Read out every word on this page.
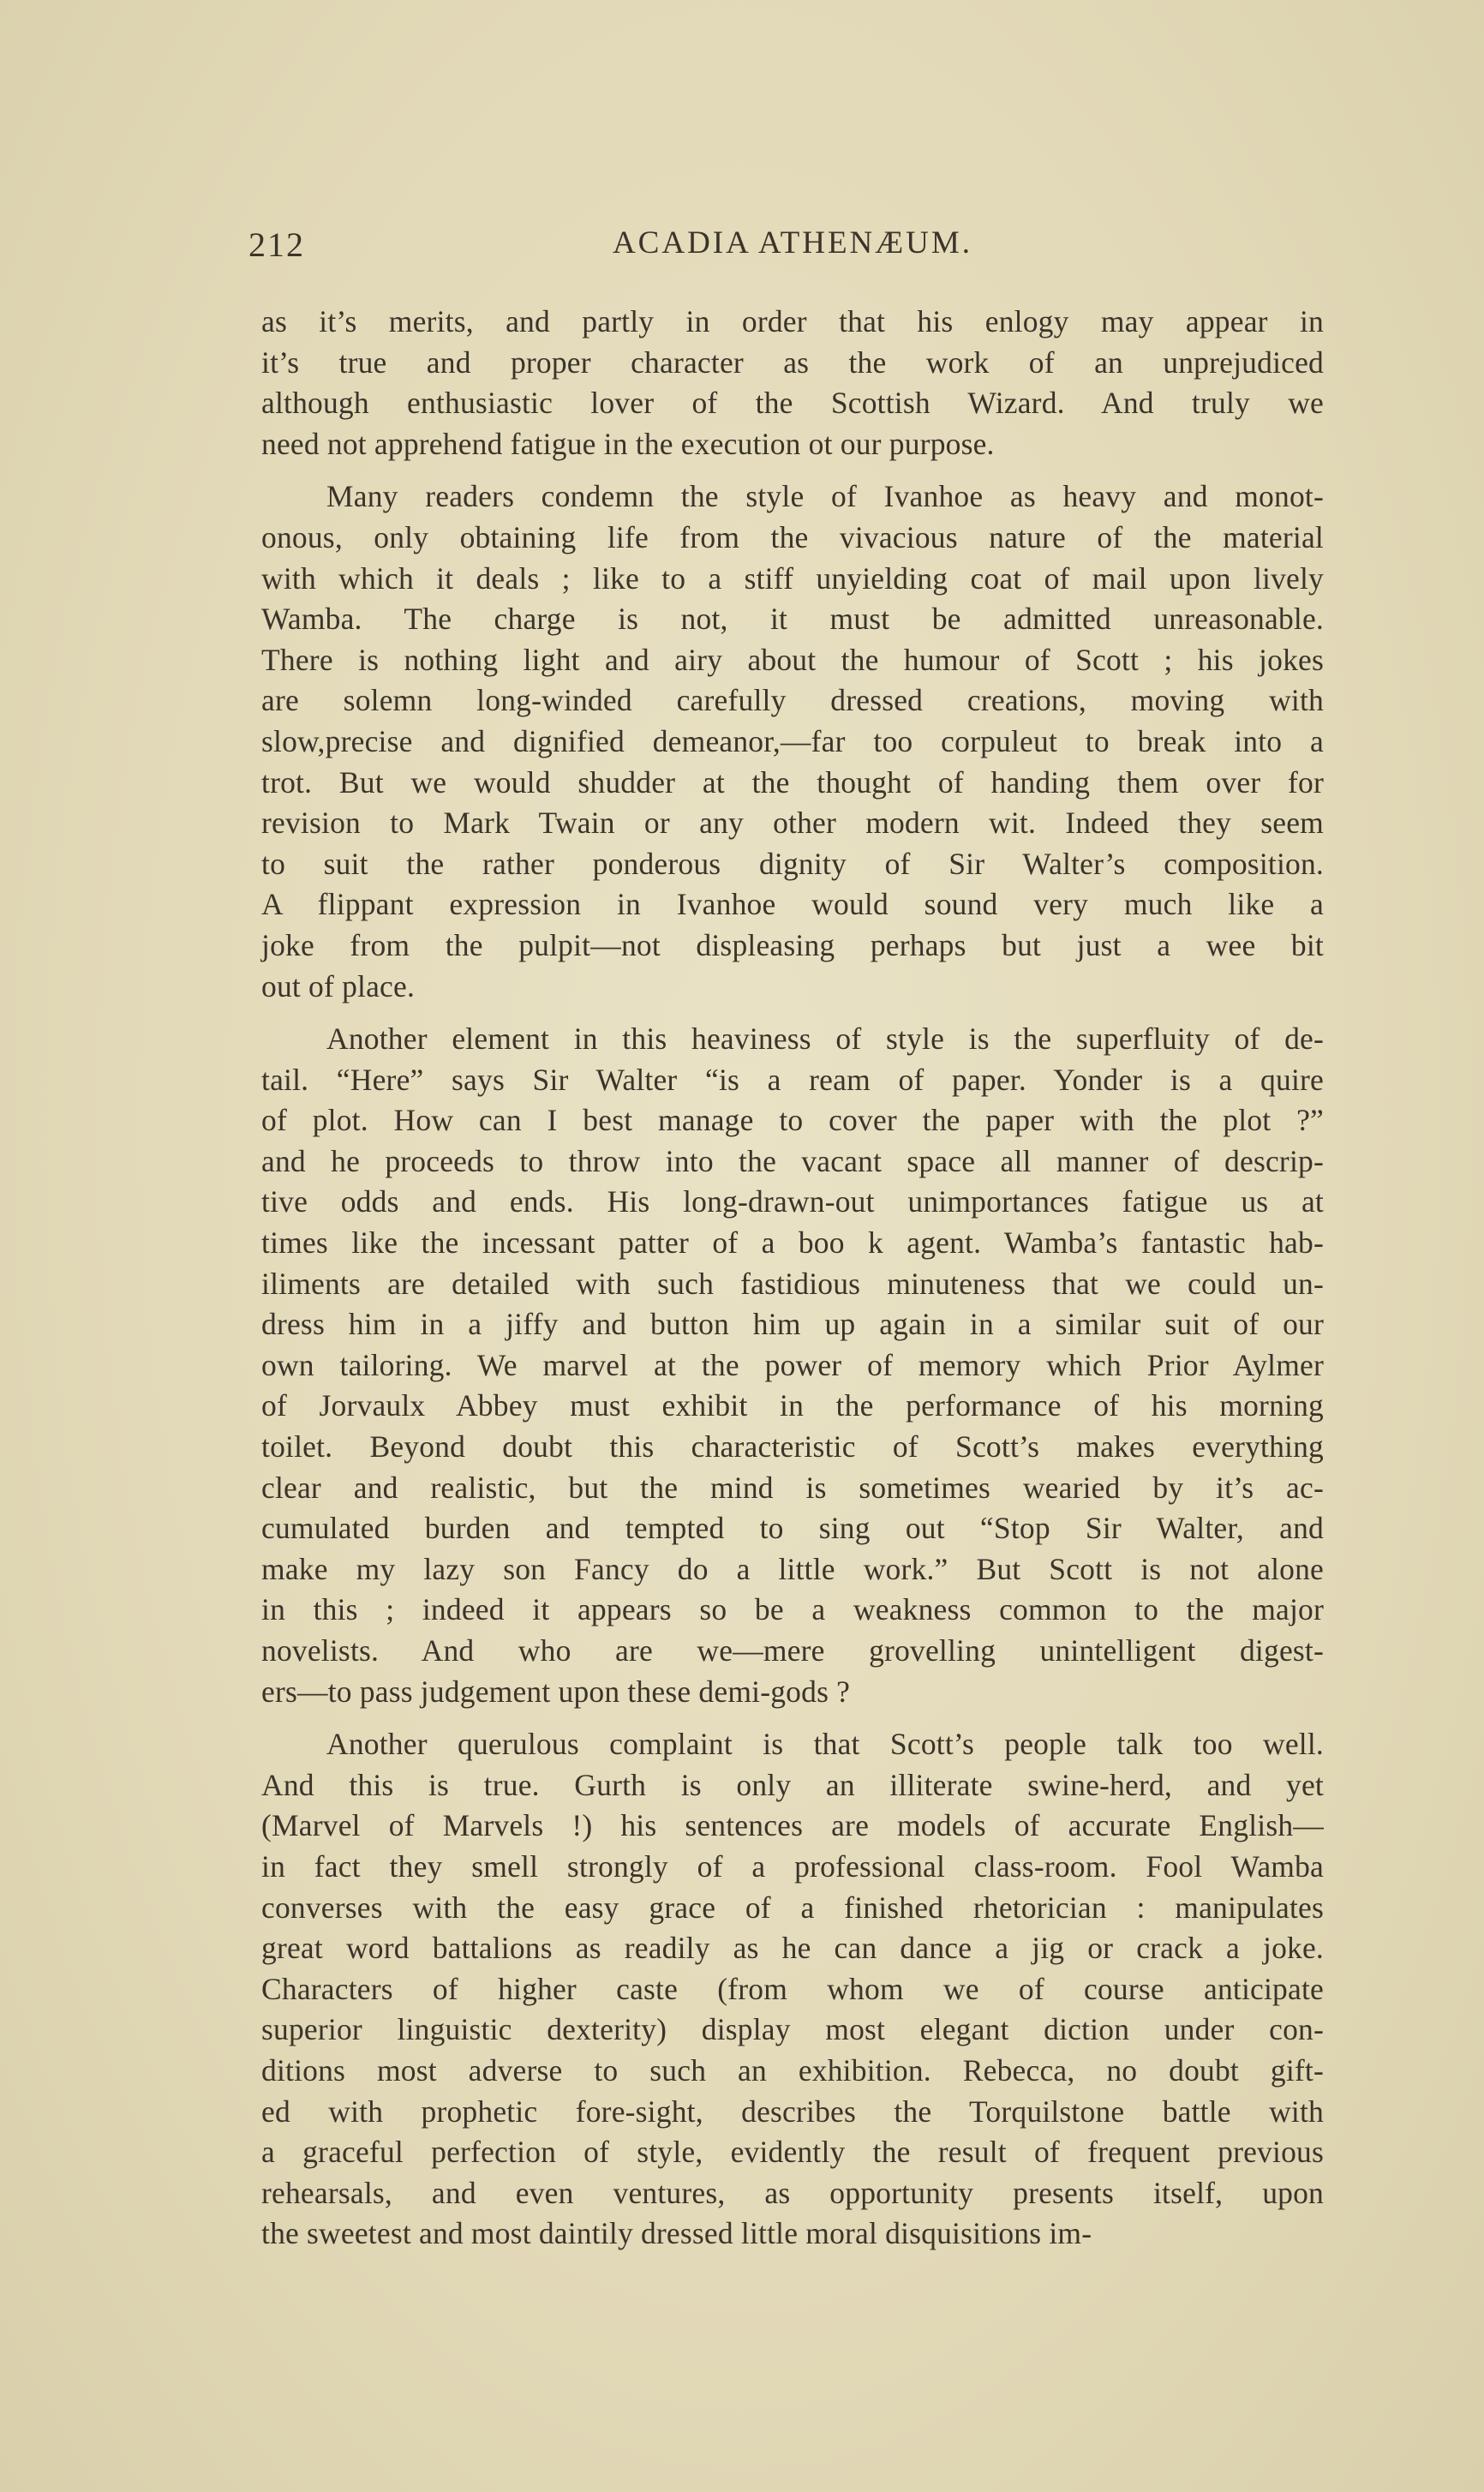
212	ACADIA ATHENÆUM.
as it’s merits, and partly in order that his enlogy may appear in
it’s true and proper character as the work of an unprejudiced
although enthusiastic lover of the Scottish Wizard. And truly we
need not apprehend fatigue in the execution ot our purpose.
Many readers condemn the style of Ivanhoe as heavy and monot-
onous, only obtaining life from the vivacious nature of the material
with which it deals ; like to a stiff unyielding coat of mail upon lively
Wamba. The charge is not, it must be admitted unreasonable.
There is nothing light and airy about the humour of Scott ; his jokes
are solemn long-winded carefully dressed creations, moving with
slow,precise and dignified demeanor,—far too corpuleut to break into a
trot. But we would shudder at the thought of handing them over for
revision to Mark Twain or any other modern wit. Indeed they seem
to suit the rather ponderous dignity of Sir Walter’s composition.
A flippant expression in Ivanhoe would sound very much like a
joke from the pulpit—not displeasing perhaps but just a wee bit
out of place.
Another element in this heaviness of style is the superfluity of de-
tail. “Here” says Sir Walter “is a ream of paper. Yonder is a quire
of plot. How can I best manage to cover the paper with the plot ?”
and he proceeds to throw into the vacant space all manner of descrip-
tive odds and ends. His long-drawn-out unimportances fatigue us at
times like the incessant patter of a boo k agent. Wamba’s fantastic hab-
iliments are detailed with such fastidious minuteness that we could un-
dress him in a jiffy and button him up again in a similar suit of our
own tailoring. We marvel at the power of memory which Prior Aylmer
of Jorvaulx Abbey must exhibit in the performance of his morning
toilet. Beyond doubt this characteristic of Scott’s makes everything
clear and realistic, but the mind is sometimes wearied by it’s ac-
cumulated burden and tempted to sing out “Stop Sir Walter, and
make my lazy son Fancy do a little work.” But Scott is not alone
in this ; indeed it appears so be a weakness common to the major
novelists. And who are we—mere grovelling unintelligent digest-
ers—to pass judgement upon these demi-gods ?
Another querulous complaint is that Scott’s people talk too well.
And this is true. Gurth is only an illiterate swine-herd, and yet
(Marvel of Marvels !) his sentences are models of accurate English—
in fact they smell strongly of a professional class-room. Fool Wamba
converses with the easy grace of a finished rhetorician : manipulates
great word battalions as readily as he can dance a jig or crack a joke.
Characters of higher caste (from whom we of course anticipate
superior linguistic dexterity) display most elegant diction under con-
ditions most adverse to such an exhibition. Rebecca, no doubt gift-
ed with prophetic fore-sight, describes the Torquilstone battle with
a graceful perfection of style, evidently the result of frequent previous
rehearsals, and even ventures, as opportunity presents itself, upon
the sweetest and most daintily dressed little moral disquisitions im-
